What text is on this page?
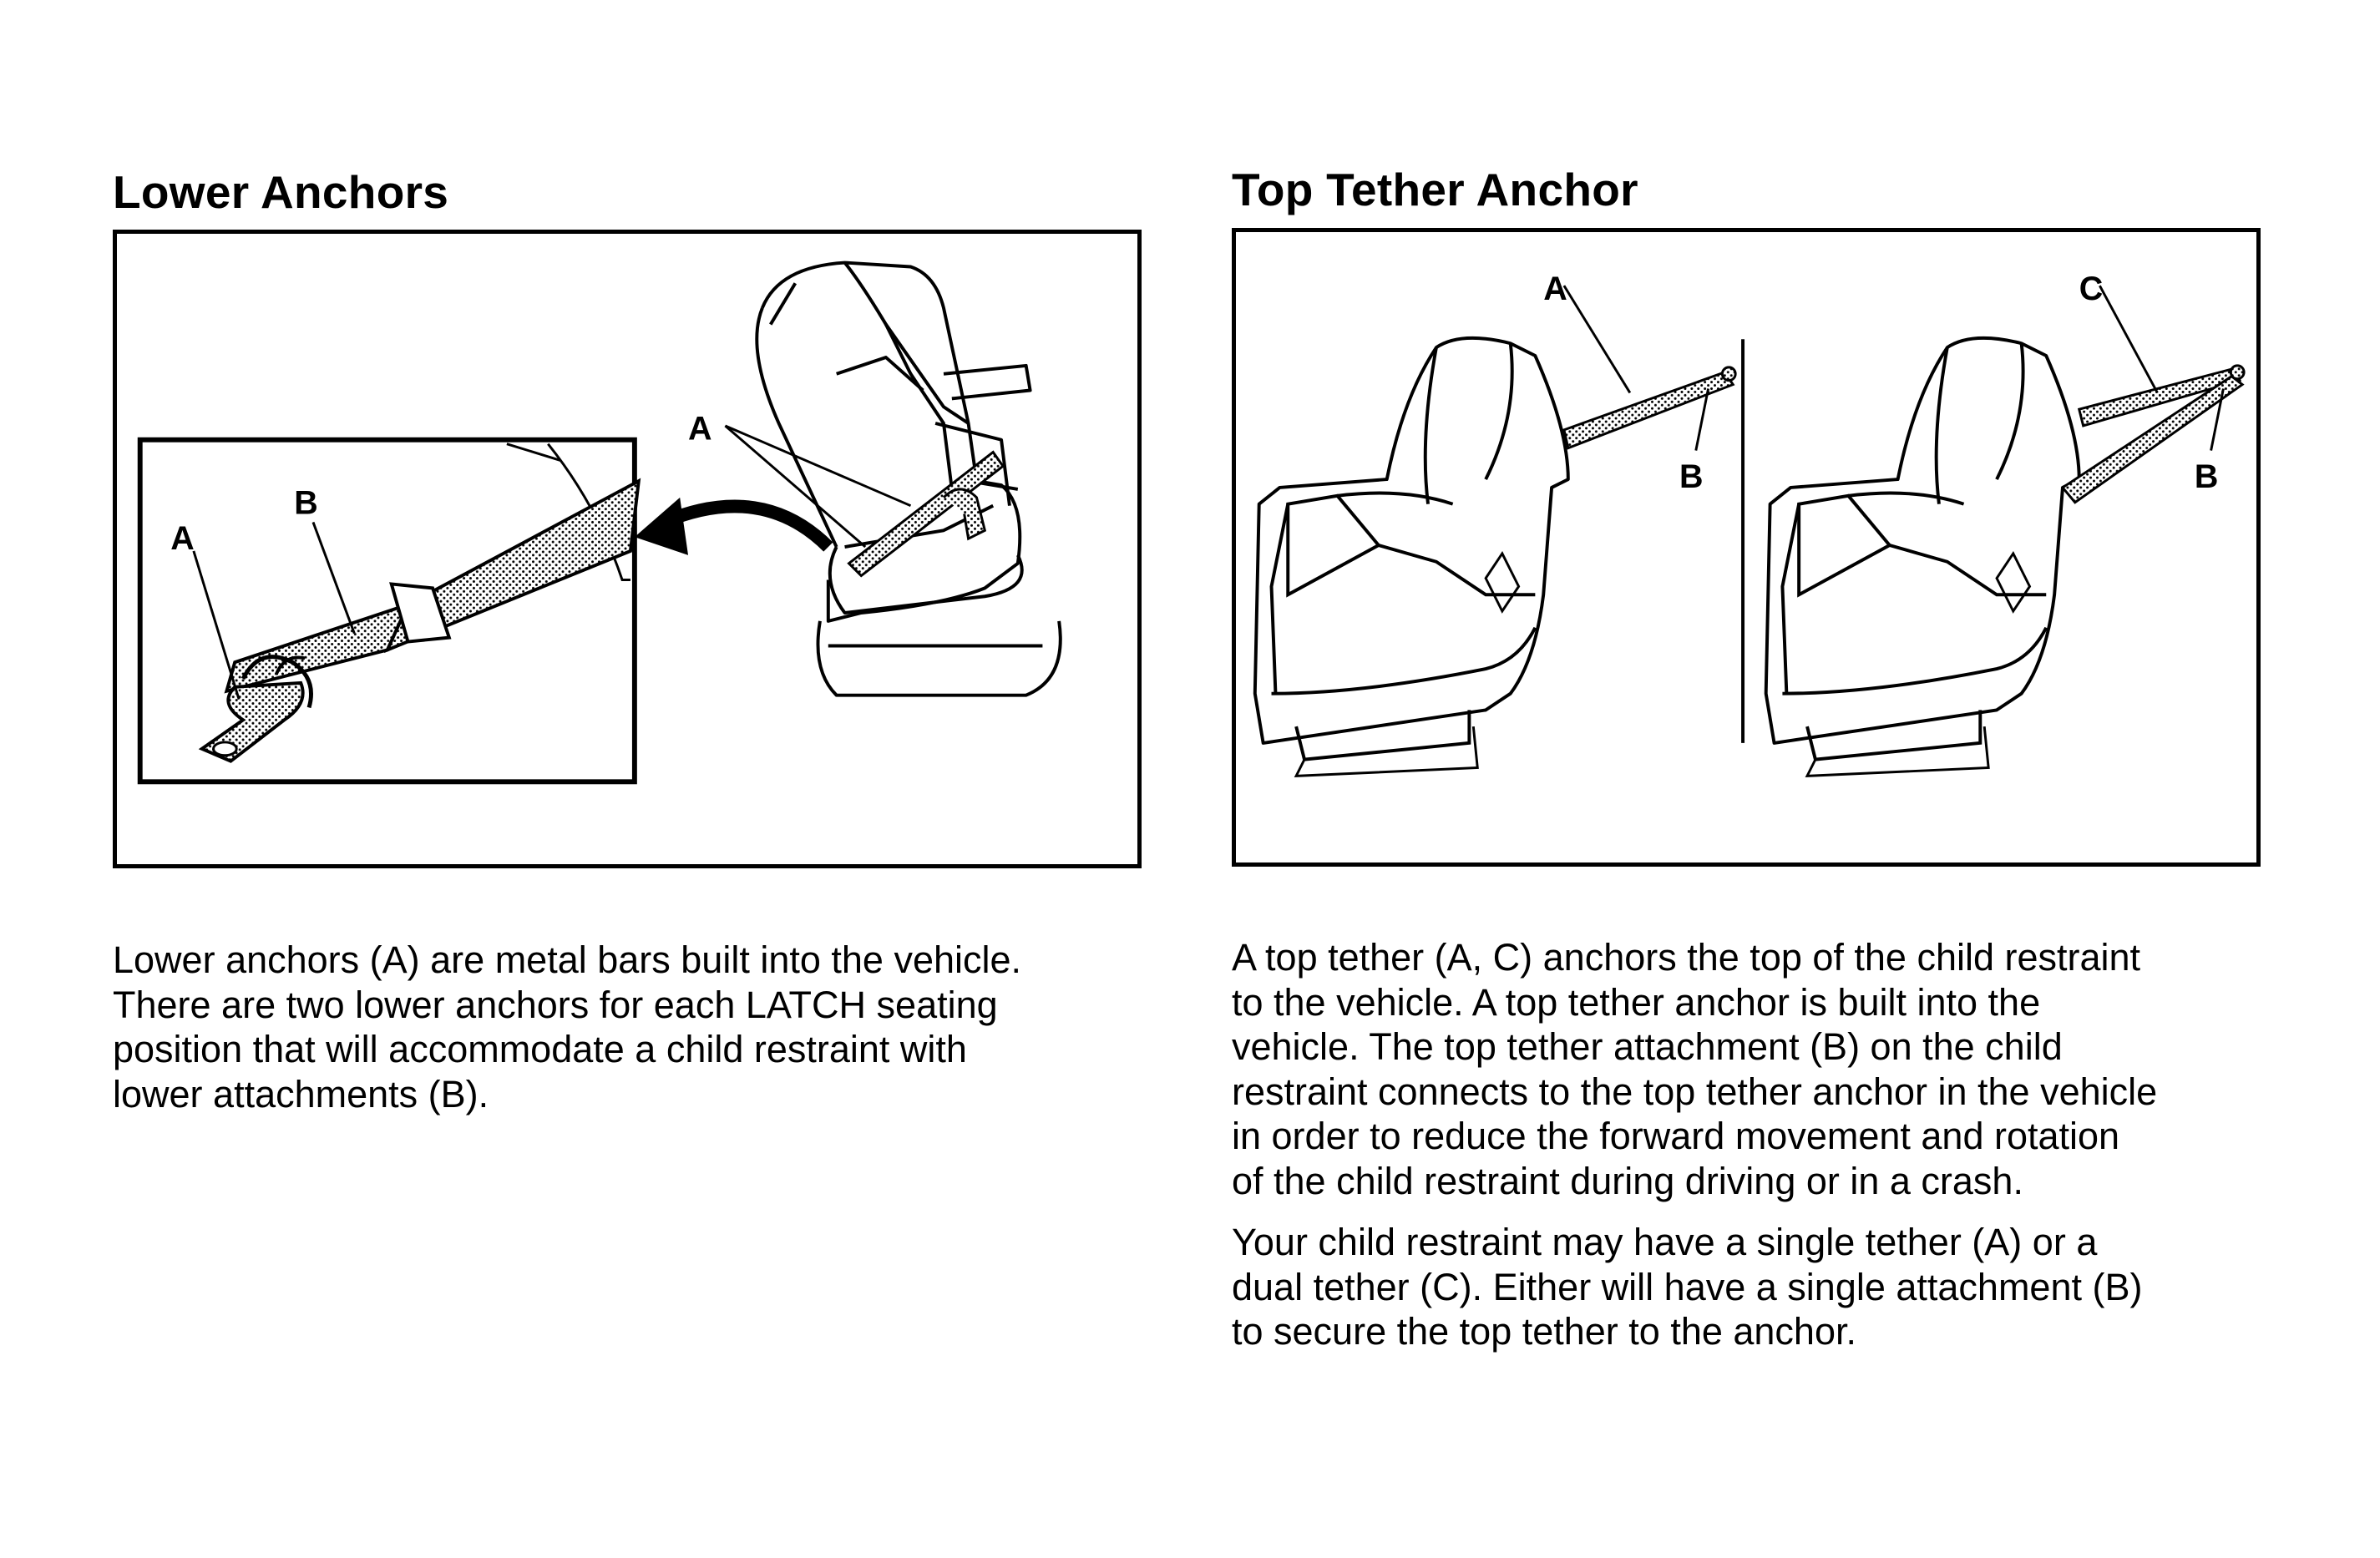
Lower Anchors
A
A
B

Lower anchors (A) are metal bars built into the vehicle.
There are two lower anchors for each LATCH seating
position that will accommodate a child restraint with
lower attachments (B).

Top Tether Anchor
A
B
C
B

A top tether (A, C) anchors the top of the child restraint
to the vehicle. A top tether anchor is built into the
vehicle. The top tether attachment (B) on the child
restraint connects to the top tether anchor in the vehicle
in order to reduce the forward movement and rotation
of the child restraint during driving or in a crash.

Your child restraint may have a single tether (A) or a
dual tether (C). Either will have a single attachment (B)
to secure the top tether to the anchor.
